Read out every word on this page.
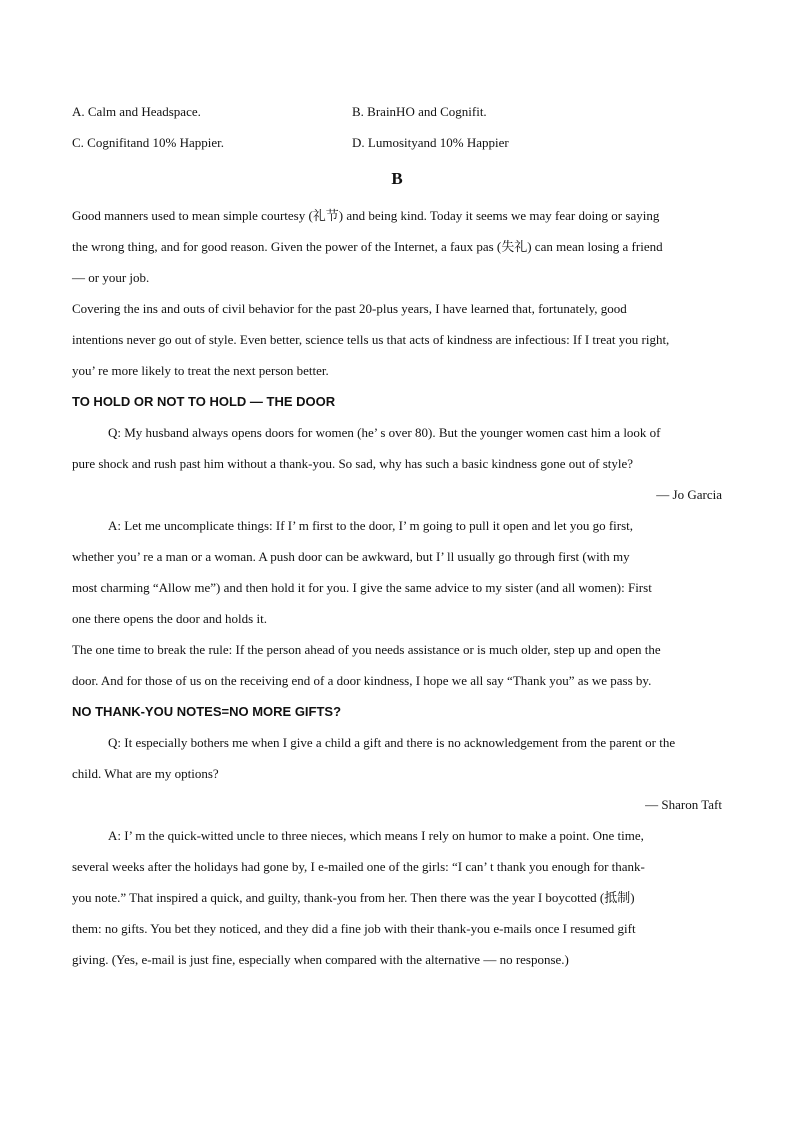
A. Calm and Headspace.	B. BrainHO and Cognifit.
C. Cognifitand 10% Happier.	D. Lumosityand 10% Happier
B
Good manners used to mean simple courtesy (礼节) and being kind. Today it seems we may fear doing or saying
the wrong thing, and for good reason. Given the power of the Internet, a faux pas (失礼) can mean losing a friend
— or your job.
Covering the ins and outs of civil behavior for the past 20-plus years, I have learned that, fortunately, good
intentions never go out of style. Even better, science tells us that acts of kindness are infectious: If I treat you right,
you’ re more likely to treat the next person better.
TO HOLD OR NOT TO HOLD — THE DOOR
Q: My husband always opens doors for women (he’ s over 80). But the younger women cast him a look of
pure shock and rush past him without a thank-you. So sad, why has such a basic kindness gone out of style?
— Jo Garcia
A: Let me uncomplicate things: If I’ m first to the door, I’ m going to pull it open and let you go first,
whether you’ re a man or a woman. A push door can be awkward, but I’ ll usually go through first (with my
most charming “Allow me”) and then hold it for you. I give the same advice to my sister (and all women): First
one there opens the door and holds it.
The one time to break the rule: If the person ahead of you needs assistance or is much older, step up and open the
door. And for those of us on the receiving end of a door kindness, I hope we all say “Thank you” as we pass by.
NO THANK-YOU NOTES=NO MORE GIFTS?
Q: It especially bothers me when I give a child a gift and there is no acknowledgement from the parent or the
child. What are my options?
— Sharon Taft
A: I’ m the quick-witted uncle to three nieces, which means I rely on humor to make a point. One time,
several weeks after the holidays had gone by, I e-mailed one of the girls: “I can’ t thank you enough for thank-
you note.” That inspired a quick, and guilty, thank-you from her. Then there was the year I boycotted (抵制)
them: no gifts. You bet they noticed, and they did a fine job with their thank-you e-mails once I resumed gift
giving. (Yes, e-mail is just fine, especially when compared with the alternative — no response.)
